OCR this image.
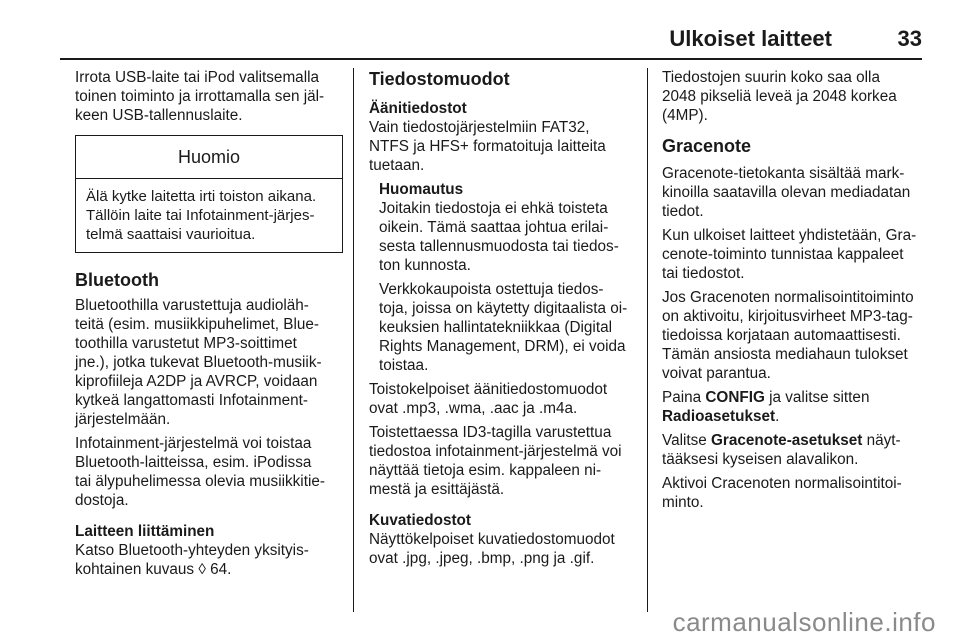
Ulkoiset laitteet	33
Irrota USB-laite tai iPod valitsemalla
toinen toiminto ja irrottamalla sen jäl-
keen USB-tallennuslaite.
Huomio
Älä kytke laitetta irti toiston aikana.
Tällöin laite tai Infotainment-järjes-
telmä saattaisi vaurioitua.
Bluetooth
Bluetoothilla varustettuja audioläh-
teitä (esim. musiikkipuhelimet, Blue-
toothilla varustetut MP3-soittimet
jne.), jotka tukevat Bluetooth-musiik-
kiprofiileja A2DP ja AVRCP, voidaan
kytkeä langattomasti Infotainment-
järjestelmään.
Infotainment-järjestelmä voi toistaa
Bluetooth-laitteissa, esim. iPodissa
tai älypuhelimessa olevia musiikkitie-
dostoja.
Laitteen liittäminen
Katso Bluetooth-yhteyden yksityis-
kohtainen kuvaus ◊ 64.
Tiedostomuodot
Äänitiedostot
Vain tiedostojärjestelmiin FAT32,
NTFS ja HFS+ formatoituja laitteita
tuetaan.
Huomautus
Joitakin tiedostoja ei ehkä toisteta
oikein. Tämä saattaa johtua erilai-
sesta tallennusmuodosta tai tiedos-
ton kunnosta.
Verkkokaupoista ostettuja tiedos-
toja, joissa on käytetty digitaalista oi-
keuksien hallintatekniikkaa (Digital
Rights Management, DRM), ei voida
toistaa.
Toistokelpoiset äänitiedostomuodot
ovat .mp3, .wma, .aac ja .m4a.
Toistettaessa ID3-tagilla varustettua
tiedostoa infotainment-järjestelmä voi
näyttää tietoja esim. kappaleen ni-
mestä ja esittäjästä.
Kuvatiedostot
Näyttökelpoiset kuvatiedostomuodot
ovat .jpg, .jpeg, .bmp, .png ja .gif.
Tiedostojen suurin koko saa olla
2048 pikseliä leveä ja 2048 korkea
(4MP).
Gracenote
Gracenote-tietokanta sisältää mark-
kinoilla saatavilla olevan mediadatan
tiedot.
Kun ulkoiset laitteet yhdistetään, Gra-
cenote-toiminto tunnistaa kappaleet
tai tiedostot.
Jos Gracenoten normalisointitoiminto
on aktivoitu, kirjoitusvirheet MP3-tag-
tiedoissa korjataan automaattisesti.
Tämän ansiosta mediahaun tulokset
voivat parantua.
Paina CONFIG ja valitse sitten
Radioasetukset.
Valitse Gracenote-asetukset näyt-
tääksesi kyseisen alavalikon.
Aktivoi Cracenoten normalisointitoi-
minto.
carmanualsonline.info
